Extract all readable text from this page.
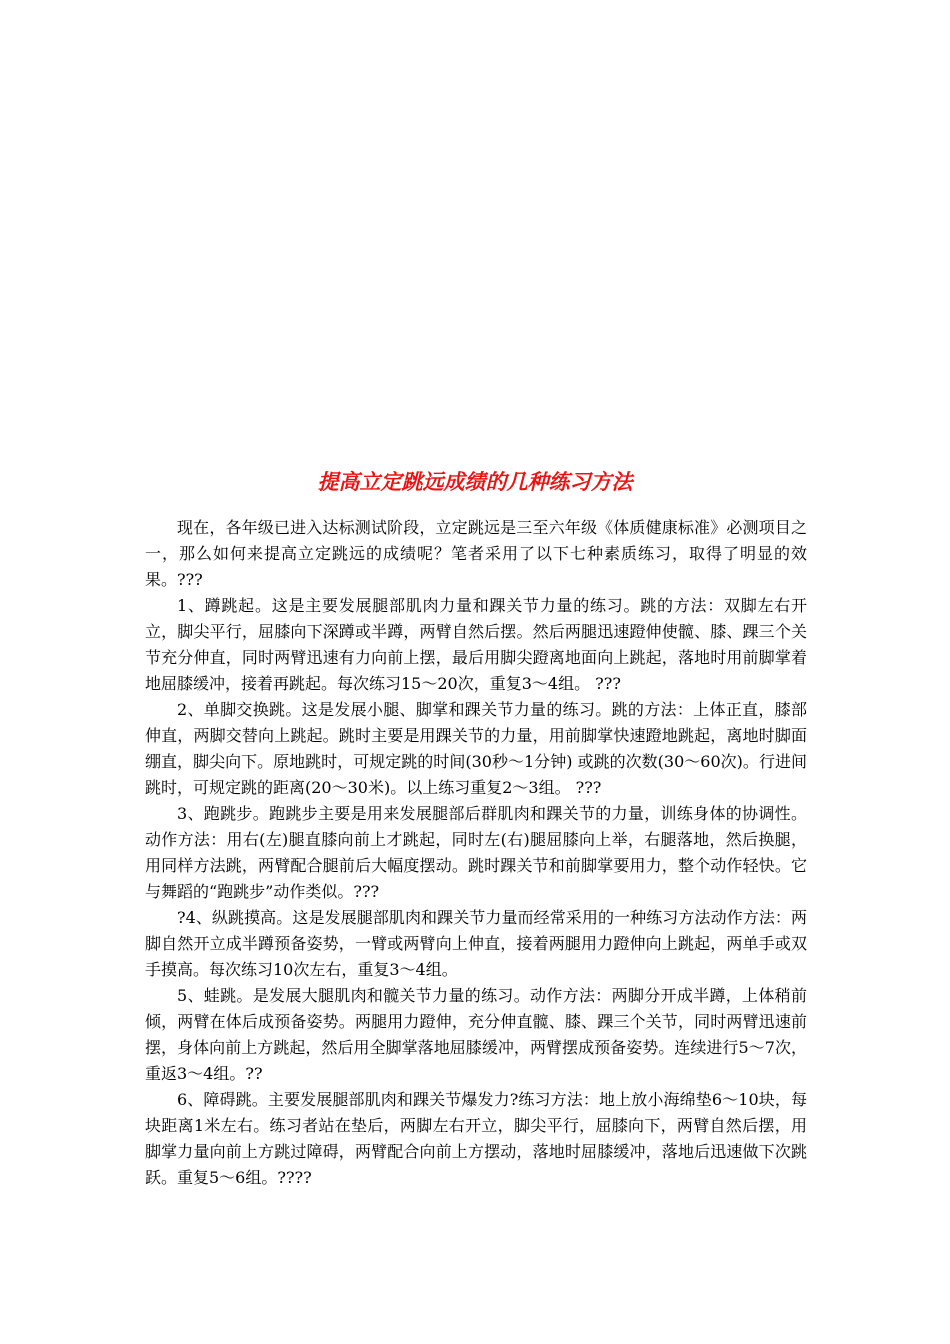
提高立定跳远成绩的几种练习方法

现在，各年级已进入达标测试阶段，立定跳远是三至六年级《体质健康标准》必测项目之一，那么如何来提高立定跳远的成绩呢？笔者采用了以下七种素质练习，取得了明显的效果。???

1、蹲跳起。这是主要发展腿部肌肉力量和踝关节力量的练习。跳的方法：双脚左右开立，脚尖平行，屈膝向下深蹲或半蹲，两臂自然后摆。然后两腿迅速蹬伸使髋、膝、踝三个关节充分伸直，同时两臂迅速有力向前上摆，最后用脚尖蹬离地面向上跳起，落地时用前脚掌着地屈膝缓冲，接着再跳起。每次练习15～20次，重复3～4组。 ???

2、单脚交换跳。这是发展小腿、脚掌和踝关节力量的练习。跳的方法：上体正直，膝部伸直，两脚交替向上跳起。跳时主要是用踝关节的力量，用前脚掌快速蹬地跳起，离地时脚面绷直，脚尖向下。原地跳时，可规定跳的时间(30秒～1分钟) 或跳的次数(30～60次)。行进间跳时，可规定跳的距离(20～30米)。以上练习重复2～3组。 ???

3、跑跳步。跑跳步主要是用来发展腿部后群肌肉和踝关节的力量，训练身体的协调性。动作方法：用右(左)腿直膝向前上才跳起，同时左(右)腿屈膝向上举，右腿落地，然后换腿，用同样方法跳，两臂配合腿前后大幅度摆动。跳时踝关节和前脚掌要用力，整个动作轻快。它与舞蹈的“跑跳步”动作类似。???

?4、纵跳摸高。这是发展腿部肌肉和踝关节力量而经常采用的一种练习方法动作方法：两脚自然开立成半蹲预备姿势，一臂或两臂向上伸直，接着两腿用力蹬伸向上跳起，两单手或双手摸高。每次练习10次左右，重复3～4组。

5、蛙跳。是发展大腿肌肉和髋关节力量的练习。动作方法：两脚分开成半蹲，上体稍前倾，两臂在体后成预备姿势。两腿用力蹬伸，充分伸直髋、膝、踝三个关节，同时两臂迅速前摆，身体向前上方跳起，然后用全脚掌落地屈膝缓冲，两臂摆成预备姿势。连续进行5～7次，重返3～4组。??

6、障碍跳。主要发展腿部肌肉和踝关节爆发力?练习方法：地上放小海绵垫6～10块，每块距离1米左右。练习者站在垫后，两脚左右开立，脚尖平行，屈膝向下，两臂自然后摆，用脚掌力量向前上方跳过障碍，两臂配合向前上方摆动，落地时屈膝缓冲，落地后迅速做下次跳跃。重复5～6组。????
